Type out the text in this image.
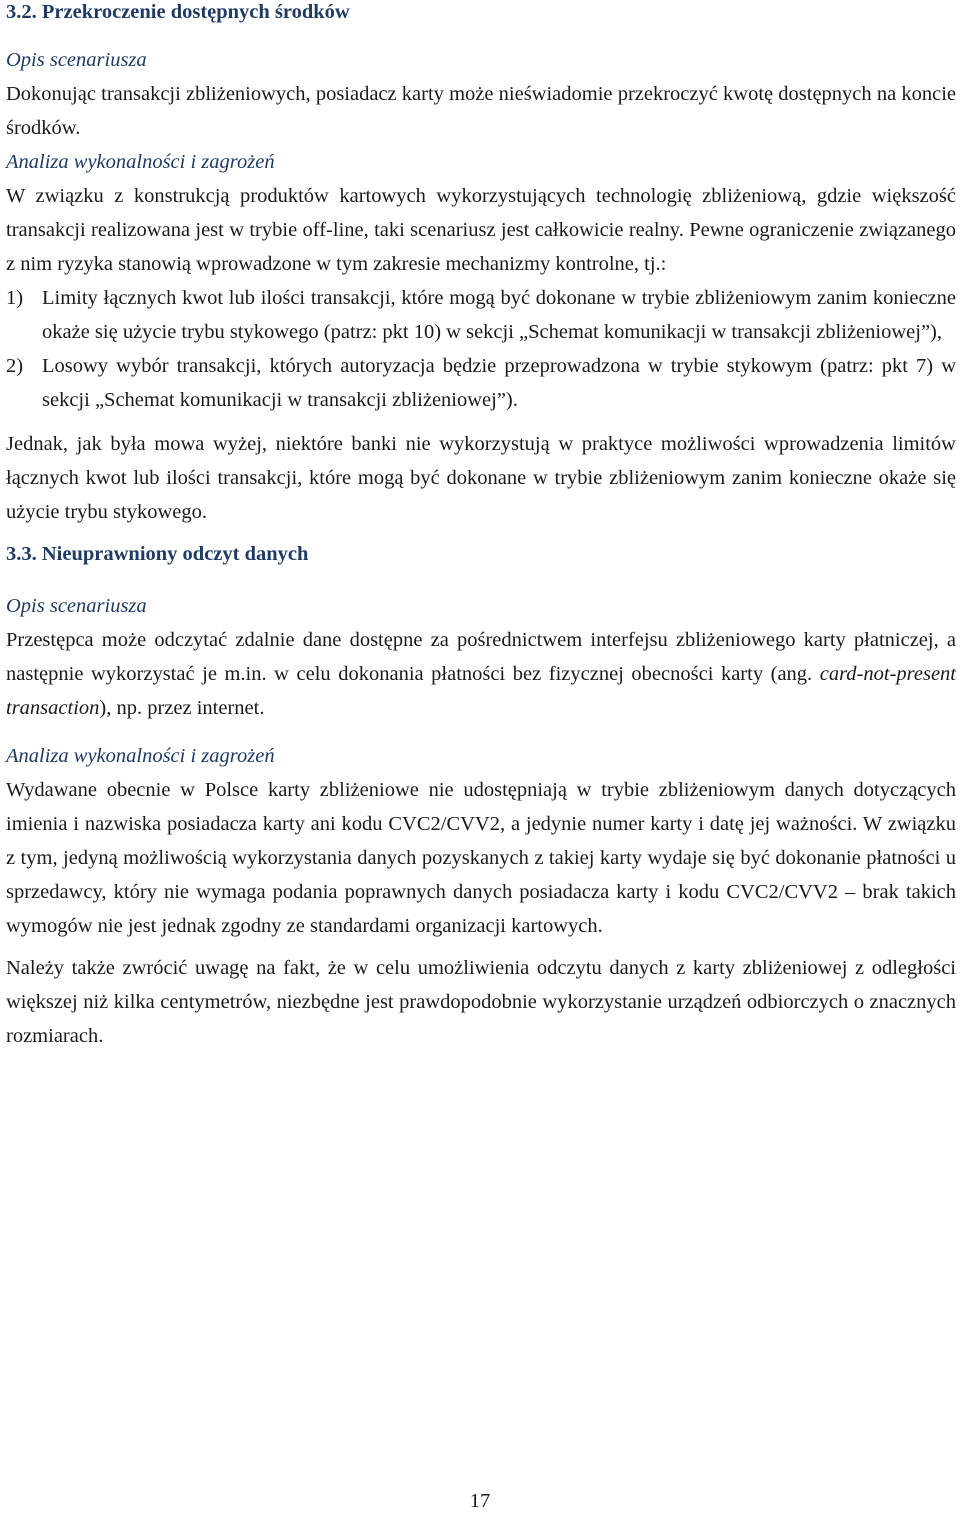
3.2. Przekroczenie dostępnych środków

Opis scenariusza

Dokonując transakcji zbliżeniowych, posiadacz karty może nieświadomie przekroczyć kwotę dostępnych na koncie środków.

Analiza wykonalności i zagrożeń

W związku z konstrukcją produktów kartowych wykorzystujących technologię zbliżeniową, gdzie większość transakcji realizowana jest w trybie off-line, taki scenariusz jest całkowicie realny. Pewne ograniczenie związanego z nim ryzyka stanowią wprowadzone w tym zakresie mechanizmy kontrolne, tj.:

1) Limity łącznych kwot lub ilości transakcji, które mogą być dokonane w trybie zbliżeniowym zanim konieczne okaże się użycie trybu stykowego (patrz: pkt 10) w sekcji „Schemat komunikacji w transakcji zbliżeniowej”),
2) Losowy wybór transakcji, których autoryzacja będzie przeprowadzona w trybie stykowym (patrz: pkt 7) w sekcji „Schemat komunikacji w transakcji zbliżeniowej”).

Jednak, jak była mowa wyżej, niektóre banki nie wykorzystują w praktyce możliwości wprowadzenia limitów łącznych kwot lub ilości transakcji, które mogą być dokonane w trybie zbliżeniowym zanim konieczne okaże się użycie trybu stykowego.

3.3. Nieuprawniony odczyt danych

Opis scenariusza

Przestępca może odczytać zdalnie dane dostępne za pośrednictwem interfejsu zbliżeniowego karty płatniczej, a następnie wykorzystać je m.in. w celu dokonania płatności bez fizycznej obecności karty (ang. card-not-present transaction), np. przez internet.

Analiza wykonalności i zagrożeń

Wydawane obecnie w Polsce karty zbliżeniowe nie udostępniają w trybie zbliżeniowym danych dotyczących imienia i nazwiska posiadacza karty ani kodu CVC2/CVV2, a jedynie numer karty i datę jej ważności. W związku z tym, jedyną możliwością wykorzystania danych pozyskanych z takiej karty wydaje się być dokonanie płatności u sprzedawcy, który nie wymaga podania poprawnych danych posiadacza karty i kodu CVC2/CVV2 – brak takich wymogów nie jest jednak zgodny ze standardami organizacji kartowych.

Należy także zwrócić uwagę na fakt, że w celu umożliwienia odczytu danych z karty zbliżeniowej z odległości większej niż kilka centymetrów, niezbędne jest prawdopodobnie wykorzystanie urządzeń odbiorczych o znacznych rozmiarach.

17
